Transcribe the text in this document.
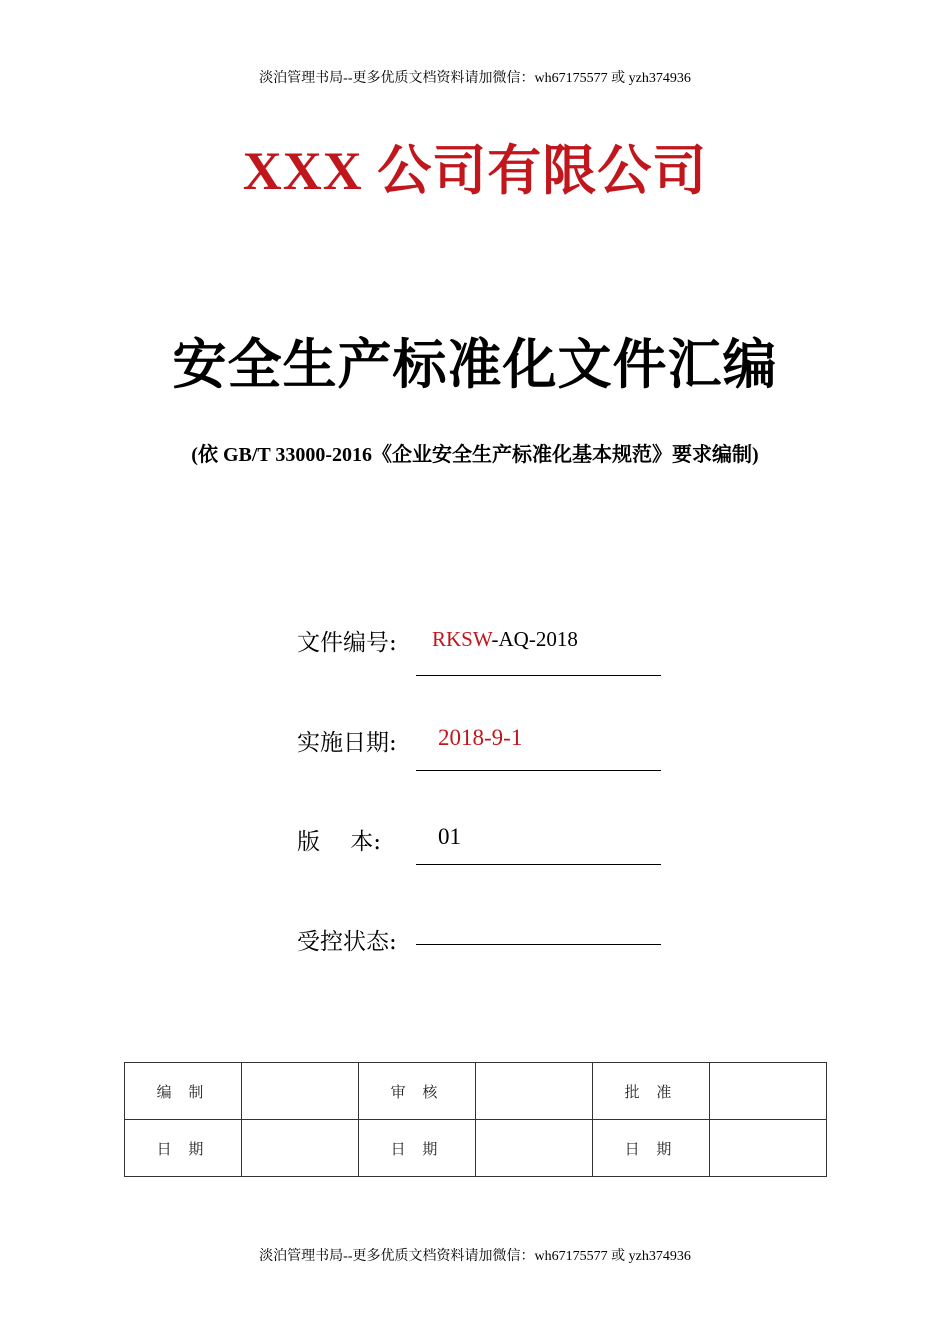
淡泊管理书局--更多优质文档资料请加微信：wh67175577 或 yzh374936
XXX 公司有限公司
安全生产标准化文件汇编
(依 GB/T 33000-2016《企业安全生产标准化基本规范》要求编制)
文件编号: RKSW-AQ-2018
实施日期: 2018-9-1
版　 本: 01
受控状态:
编 制		审 核		批 准	
日 期		日 期		日 期	
淡泊管理书局--更多优质文档资料请加微信：wh67175577 或 yzh374936
